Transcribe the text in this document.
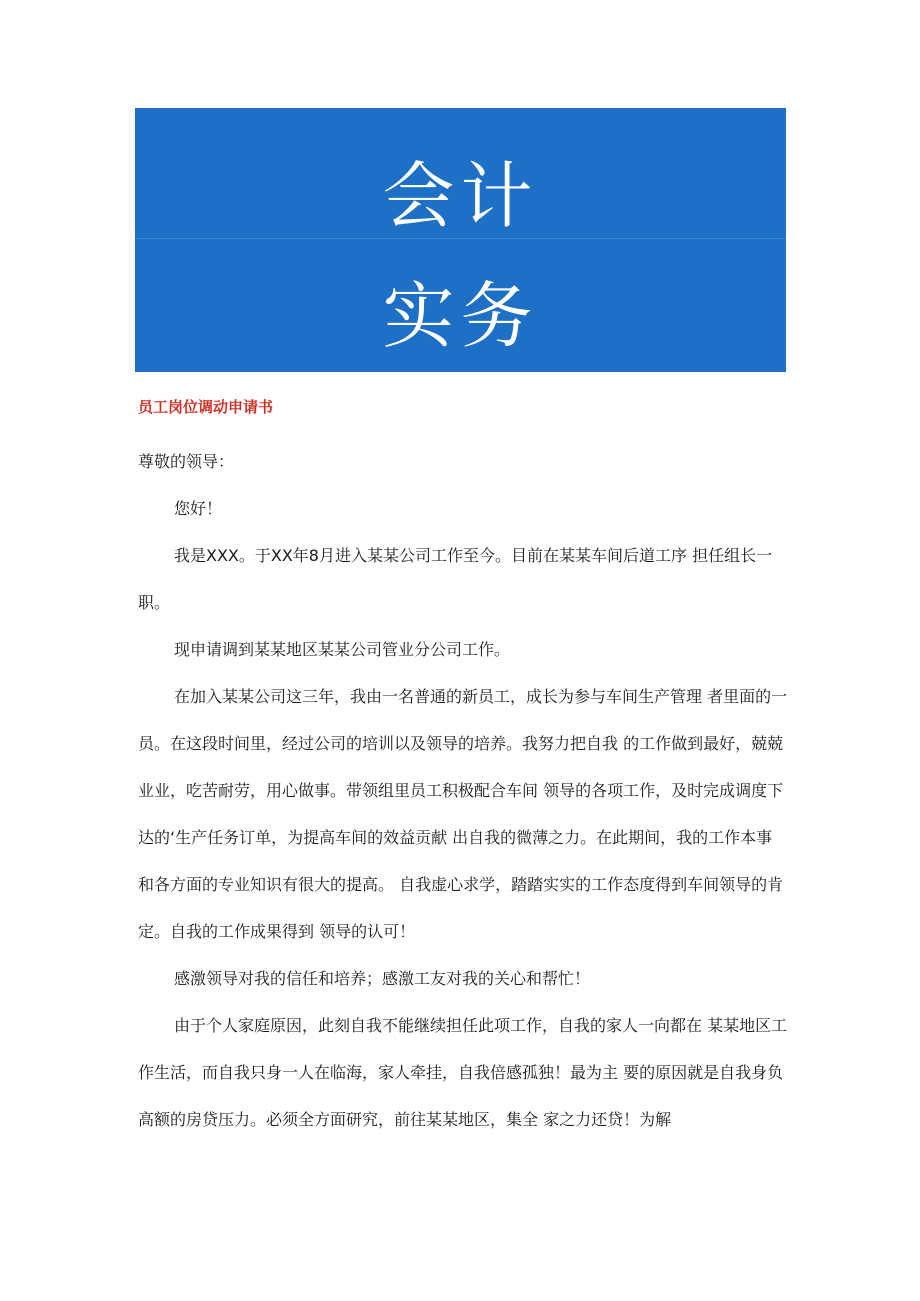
会计
实务
员工岗位调动申请书

尊敬的领导：

您好！

我是XXX。于XX年8月进入某某公司工作至今。目前在某某车间后道工序 担任组长一职。

现申请调到某某地区某某公司管业分公司工作。

在加入某某公司这三年，我由一名普通的新员工，成长为参与车间生产管理 者里面的一员。在这段时间里，经过公司的培训以及领导的培养。我努力把自我 的工作做到最好，兢兢业业，吃苦耐劳，用心做事。带领组里员工积极配合车间 领导的各项工作，及时完成调度下达的‘生产任务订单，为提高车间的效益贡献 出自我的微薄之力。在此期间，我的工作本事和各方面的专业知识有很大的提高。 自我虚心求学，踏踏实实的工作态度得到车间领导的肯定。自我的工作成果得到 领导的认可！

感激领导对我的信任和培养；感激工友对我的关心和帮忙！

由于个人家庭原因，此刻自我不能继续担任此项工作，自我的家人一向都在 某某地区工作生活，而自我只身一人在临海，家人牵挂，自我倍感孤独！最为主 要的原因就是自我身负高额的房贷压力。必须全方面研究，前往某某地区，集全 家之力还贷！为解
